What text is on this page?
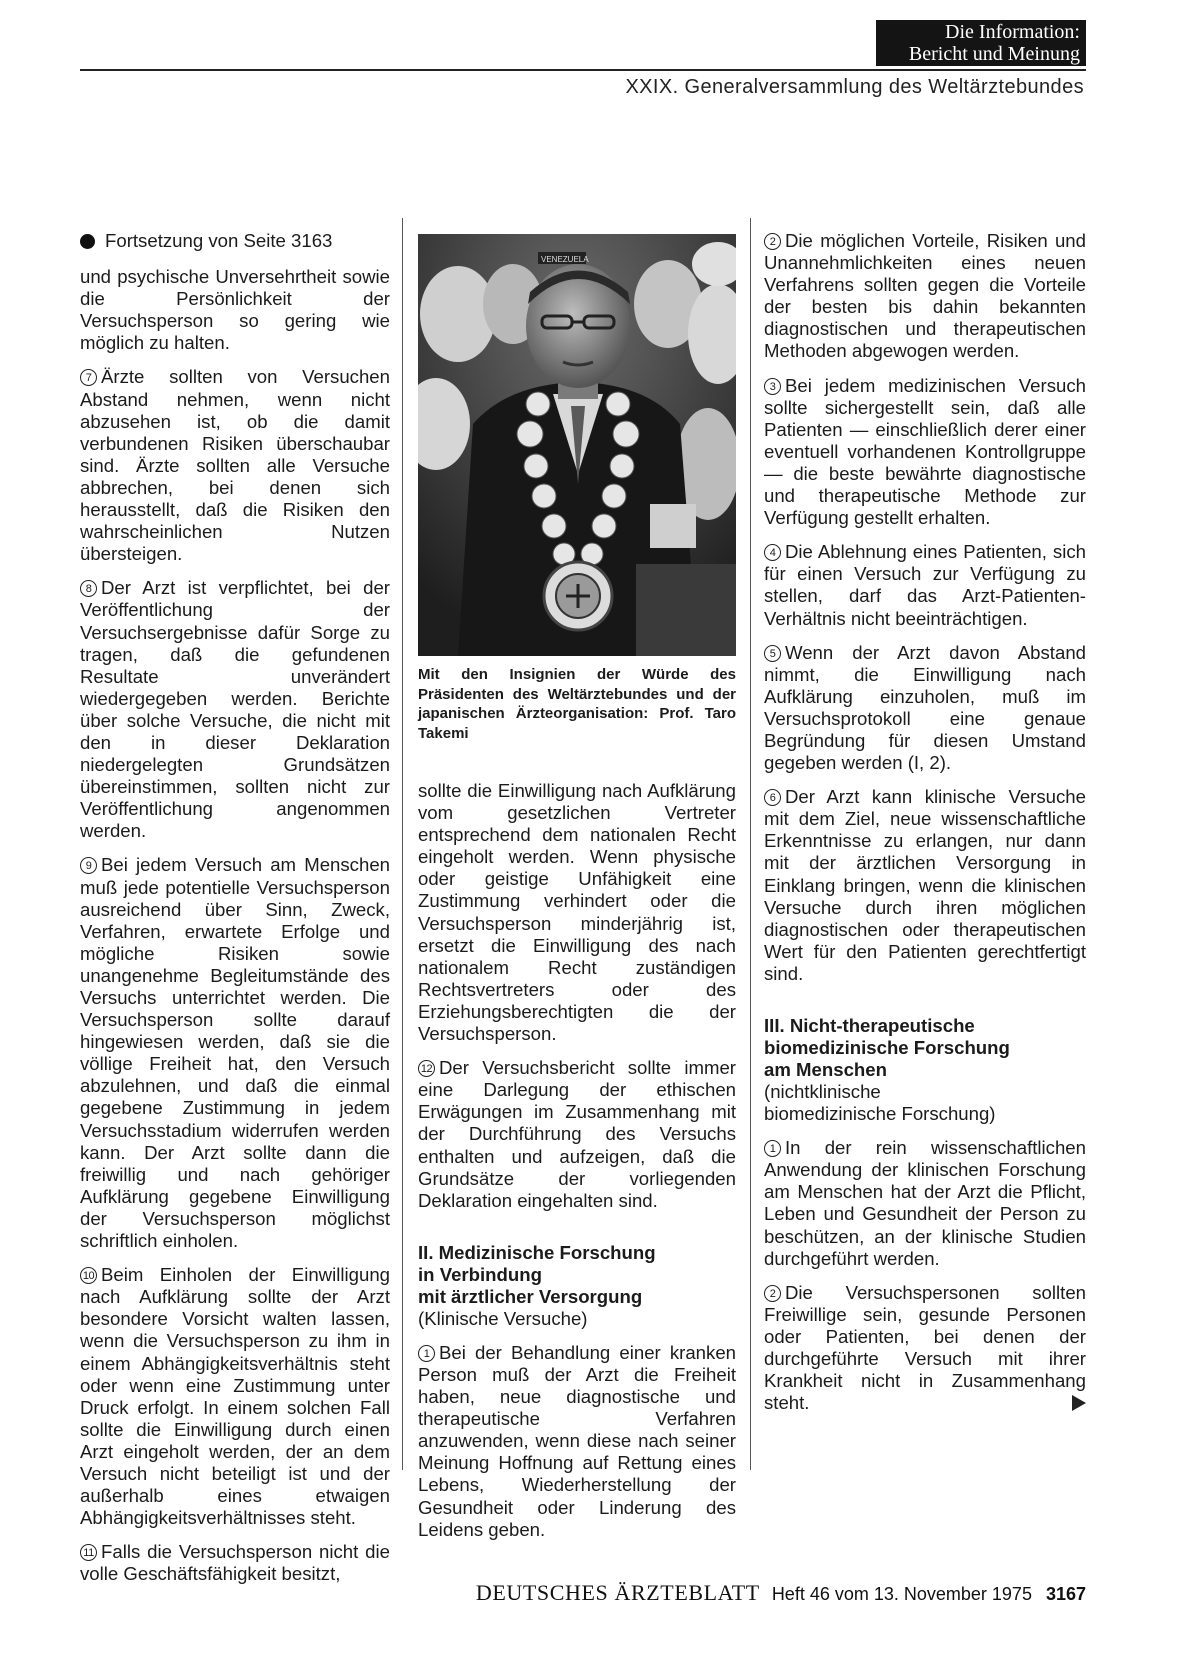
Die Information:
Bericht und Meinung
XXIX. Generalversammlung des Weltärztebundes
Fortsetzung von Seite 3163

und psychische Unversehrtheit sowie die Persönlichkeit der Versuchsperson so gering wie möglich zu halten.

7 Ärzte sollten von Versuchen Abstand nehmen, wenn nicht abzusehen ist, ob die damit verbundenen Risiken überschaubar sind. Ärzte sollten alle Versuche abbrechen, bei denen sich herausstellt, daß die Risiken den wahrscheinlichen Nutzen übersteigen.

8 Der Arzt ist verpflichtet, bei der Veröffentlichung der Versuchsergebnisse dafür Sorge zu tragen, daß die gefundenen Resultate unverändert wiedergegeben werden. Berichte über solche Versuche, die nicht mit den in dieser Deklaration niedergelegten Grundsätzen übereinstimmen, sollten nicht zur Veröffentlichung angenommen werden.

9 Bei jedem Versuch am Menschen muß jede potentielle Versuchsperson ausreichend über Sinn, Zweck, Verfahren, erwartete Erfolge und mögliche Risiken sowie unangenehme Begleitumstände des Versuchs unterrichtet werden. Die Versuchsperson sollte darauf hingewiesen werden, daß sie die völlige Freiheit hat, den Versuch abzulehnen, und daß die einmal gegebene Zustimmung in jedem Versuchsstadium widerrufen werden kann. Der Arzt sollte dann die freiwillig und nach gehöriger Aufklärung gegebene Einwilligung der Versuchsperson möglichst schriftlich einholen.

10 Beim Einholen der Einwilligung nach Aufklärung sollte der Arzt besondere Vorsicht walten lassen, wenn die Versuchsperson zu ihm in einem Abhängigkeitsverhältnis steht oder wenn eine Zustimmung unter Druck erfolgt. In einem solchen Fall sollte die Einwilligung durch einen Arzt eingeholt werden, der an dem Versuch nicht beteiligt ist und der außerhalb eines etwaigen Abhängigkeitsverhältnisses steht.

11 Falls die Versuchsperson nicht die volle Geschäftsfähigkeit besitzt,

VENEZUELA
Mit den Insignien der Würde des Präsidenten des Weltärztebundes und der japanischen Ärzteorganisation: Prof. Taro Takemi

sollte die Einwilligung nach Aufklärung vom gesetzlichen Vertreter entsprechend dem nationalen Recht eingeholt werden. Wenn physische oder geistige Unfähigkeit eine Zustimmung verhindert oder die Versuchsperson minderjährig ist, ersetzt die Einwilligung des nach nationalem Recht zuständigen Rechtsvertreters oder des Erziehungsberechtigten die der Versuchsperson.

12 Der Versuchsbericht sollte immer eine Darlegung der ethischen Erwägungen im Zusammenhang mit der Durchführung des Versuchs enthalten und aufzeigen, daß die Grundsätze der vorliegenden Deklaration eingehalten sind.

II. Medizinische Forschung
in Verbindung
mit ärztlicher Versorgung
(Klinische Versuche)

1 Bei der Behandlung einer kranken Person muß der Arzt die Freiheit haben, neue diagnostische und therapeutische Verfahren anzuwenden, wenn diese nach seiner Meinung Hoffnung auf Rettung eines Lebens, Wiederherstellung der Gesundheit oder Linderung des Leidens geben.

2 Die möglichen Vorteile, Risiken und Unannehmlichkeiten eines neuen Verfahrens sollten gegen die Vorteile der besten bis dahin bekannten diagnostischen und therapeutischen Methoden abgewogen werden.

3 Bei jedem medizinischen Versuch sollte sichergestellt sein, daß alle Patienten — einschließlich derer einer eventuell vorhandenen Kontrollgruppe — die beste bewährte diagnostische und therapeutische Methode zur Verfügung gestellt erhalten.

4 Die Ablehnung eines Patienten, sich für einen Versuch zur Verfügung zu stellen, darf das Arzt-Patienten-Verhältnis nicht beeinträchtigen.

5 Wenn der Arzt davon Abstand nimmt, die Einwilligung nach Aufklärung einzuholen, muß im Versuchsprotokoll eine genaue Begründung für diesen Umstand gegeben werden (I, 2).

6 Der Arzt kann klinische Versuche mit dem Ziel, neue wissenschaftliche Erkenntnisse zu erlangen, nur dann mit der ärztlichen Versorgung in Einklang bringen, wenn die klinischen Versuche durch ihren möglichen diagnostischen oder therapeutischen Wert für den Patienten gerechtfertigt sind.

III. Nicht-therapeutische
biomedizinische Forschung
am Menschen
(nichtklinische
biomedizinische Forschung)

1 In der rein wissenschaftlichen Anwendung der klinischen Forschung am Menschen hat der Arzt die Pflicht, Leben und Gesundheit der Person zu beschützen, an der klinische Studien durchgeführt werden.

2 Die Versuchspersonen sollten Freiwillige sein, gesunde Personen oder Patienten, bei denen der durchgeführte Versuch mit ihrer Krankheit nicht in Zusammenhang steht.

DEUTSCHES ÄRZTEBLATT Heft 46 vom 13. November 1975 3167
